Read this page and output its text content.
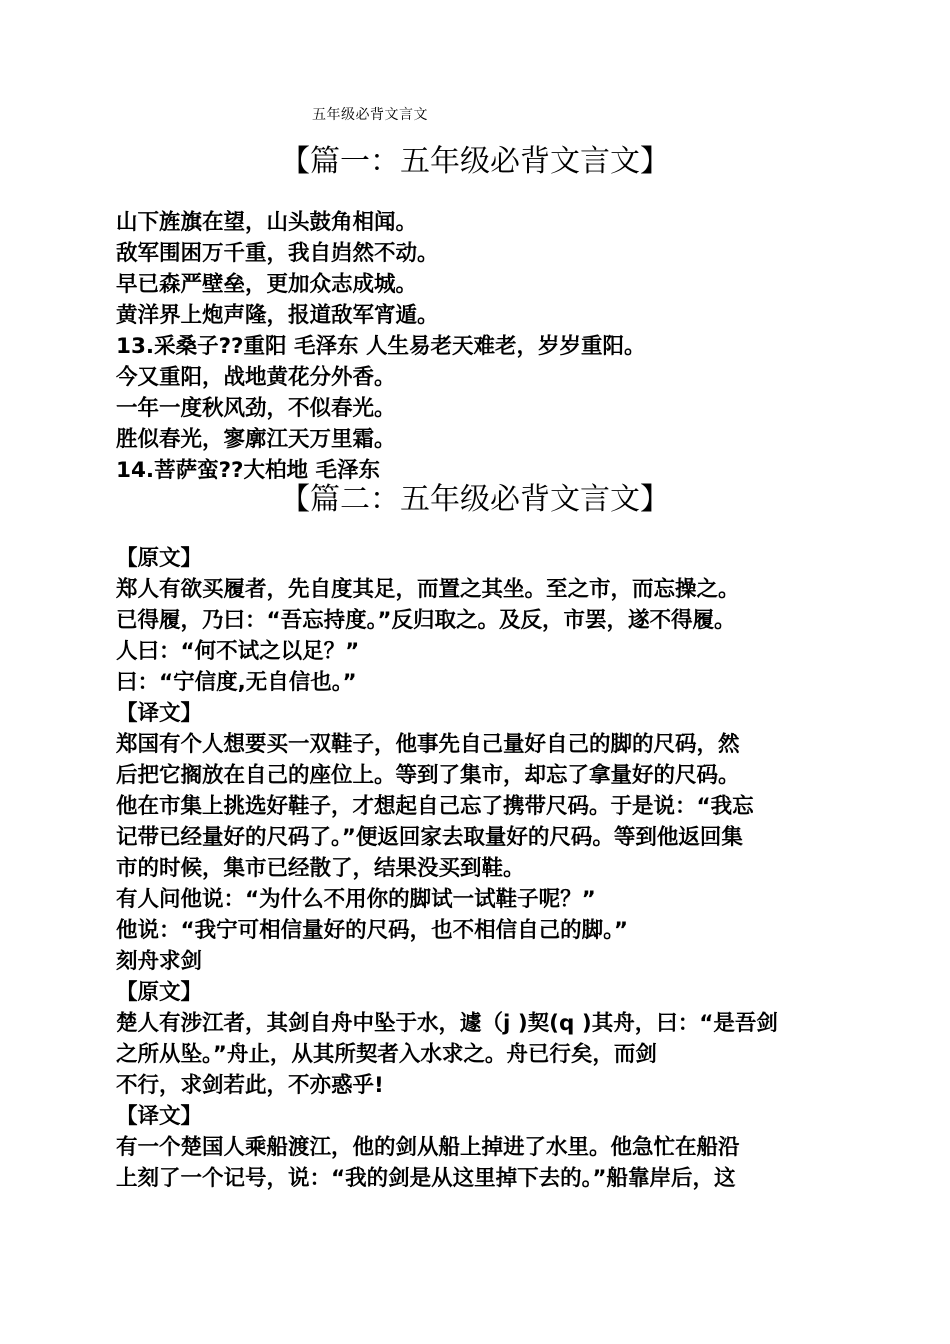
五年级必背文言文
【篇一：五年级必背文言文】
山下旌旗在望，山头鼓角相闻。
敌军围困万千重，我自岿然不动。
早已森严壁垒，更加众志成城。
黄洋界上炮声隆，报道敌军宵遁。
13.采桑子??重阳 毛泽东 人生易老天难老，岁岁重阳。
今又重阳，战地黄花分外香。
一年一度秋风劲，不似春光。
胜似春光，寥廓江天万里霜。
14.菩萨蛮??大柏地 毛泽东
【篇二：五年级必背文言文】
【原文】
郑人有欲买履者，先自度其足，而置之其坐。至之市，而忘操之。
已得履，乃曰：“吾忘持度。”反归取之。及反，市罢，遂不得履。
人曰：“何不试之以足？”
曰：“宁信度,无自信也。”
【译文】
郑国有个人想要买一双鞋子，他事先自己量好自己的脚的尺码，然
后把它搁放在自己的座位上。等到了集市，却忘了拿量好的尺码。
他在市集上挑选好鞋子，才想起自己忘了携带尺码。于是说：“我忘
记带已经量好的尺码了。”便返回家去取量好的尺码。等到他返回集
市的时候，集市已经散了，结果没买到鞋。
有人问他说：“为什么不用你的脚试一试鞋子呢？”
他说：“我宁可相信量好的尺码，也不相信自己的脚。”
刻舟求剑
【原文】
楚人有涉江者，其剑自舟中坠于水，遽（j )契(q )其舟，曰：“是吾剑
之所从坠。”舟止，从其所契者入水求之。舟已行矣，而剑
不行，求剑若此，不亦惑乎!
【译文】
有一个楚国人乘船渡江，他的剑从船上掉进了水里。他急忙在船沿
上刻了一个记号，说：“我的剑是从这里掉下去的。”船靠岸后，这
